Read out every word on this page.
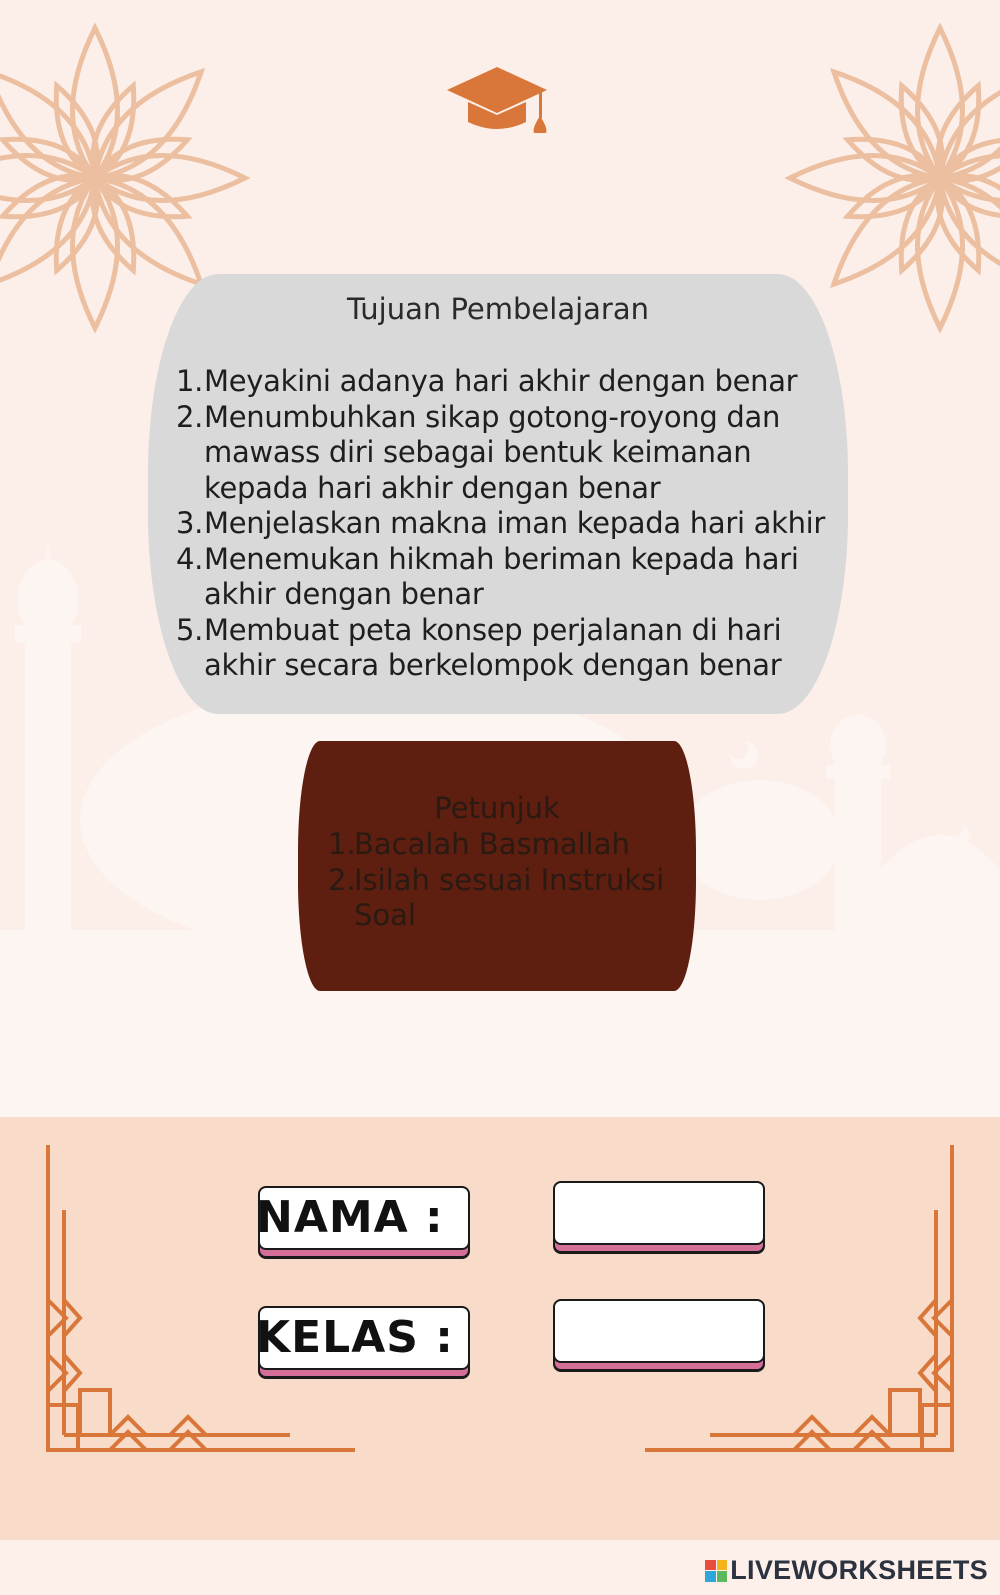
Tujuan Pembelajaran
1. Meyakini adanya hari akhir dengan benar
2. Menumbuhkan sikap gotong-royong dan
mawass diri sebagai bentuk keimanan
kepada hari akhir dengan benar
3. Menjelaskan makna iman kepada hari akhir
4. Menemukan hikmah beriman kepada hari
akhir dengan benar
5. Membuat peta konsep perjalanan di hari
akhir secara berkelompok dengan benar
Petunjuk
1.
Bacalah Basmallah
2.
Isilah sesuai Instruksi
Soal
NAMA :
KELAS :
LIVEWORKSHEETS
